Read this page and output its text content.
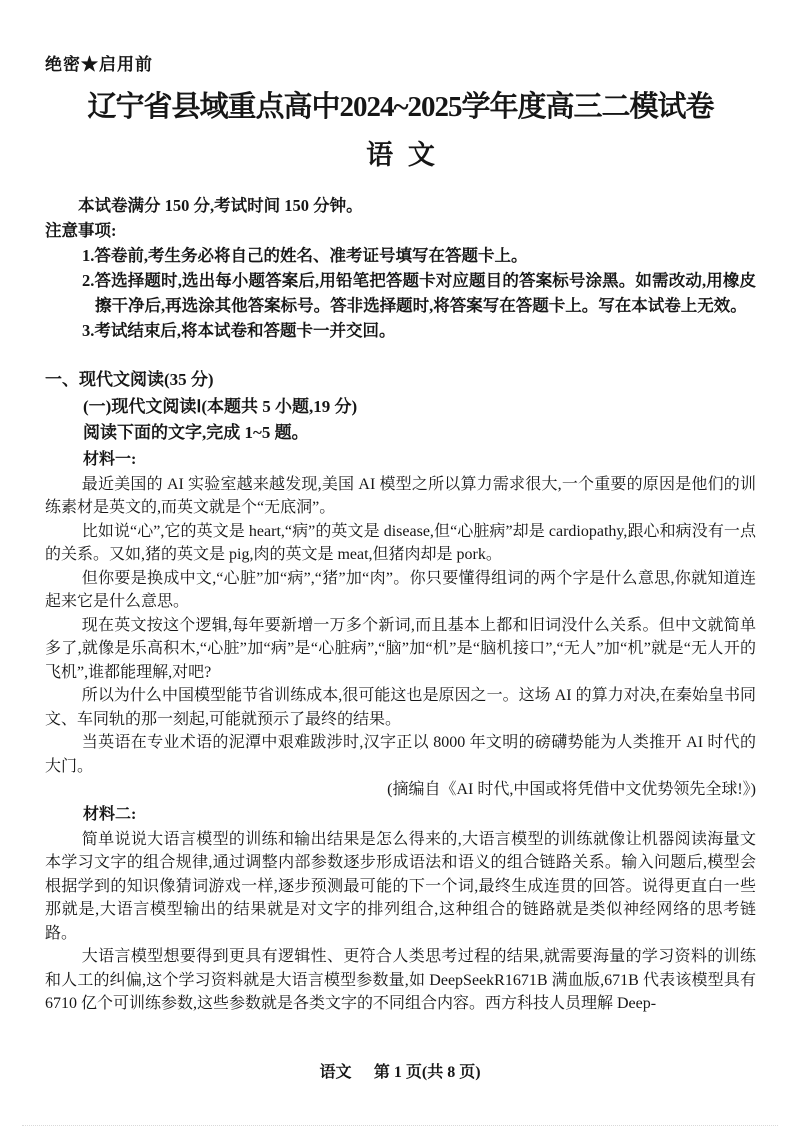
绝密★启用前
辽宁省县域重点高中2024~2025学年度高三二模试卷
语文

本试卷满分 150 分,考试时间 150 分钟。

注意事项:
1.答卷前,考生务必将自己的姓名、准考证号填写在答题卡上。
2.答选择题时,选出每小题答案后,用铅笔把答题卡对应题目的答案标号涂黑。如需改动,用橡皮擦干净后,再选涂其他答案标号。答非选择题时,将答案写在答题卡上。写在本试卷上无效。
3.考试结束后,将本试卷和答题卡一并交回。
一、现代文阅读(35 分)
(一)现代文阅读Ⅰ(本题共 5 小题,19 分)
阅读下面的文字,完成 1~5 题。
材料一:

最近美国的 AI 实验室越来越发现,美国 AI 模型之所以算力需求很大,一个重要的原因是他们的训练素材是英文的,而英文就是个“无底洞”。

比如说“心”,它的英文是 heart,“病”的英文是 disease,但“心脏病”却是 cardiopathy,跟心和病没有一点的关系。又如,猪的英文是 pig,肉的英文是 meat,但猪肉却是 pork。

但你要是换成中文,“心脏”加“病”,“猪”加“肉”。你只要懂得组词的两个字是什么意思,你就知道连起来它是什么意思。

现在英文按这个逻辑,每年要新增一万多个新词,而且基本上都和旧词没什么关系。但中文就简单多了,就像是乐高积木,“心脏”加“病”是“心脏病”,“脑”加“机”是“脑机接口”,“无人”加“机”就是“无人开的飞机”,谁都能理解,对吧?

所以为什么中国模型能节省训练成本,很可能这也是原因之一。这场 AI 的算力对决,在秦始皇书同文、车同轨的那一刻起,可能就预示了最终的结果。

当英语在专业术语的泥潭中艰难跋涉时,汉字正以 8000 年文明的磅礴势能为人类推开 AI 时代的大门。

(摘编自《AI 时代,中国或将凭借中文优势领先全球!》)

材料二:

简单说说大语言模型的训练和输出结果是怎么得来的,大语言模型的训练就像让机器阅读海量文本学习文字的组合规律,通过调整内部参数逐步形成语法和语义的组合链路关系。输入问题后,模型会根据学到的知识像猜词游戏一样,逐步预测最可能的下一个词,最终生成连贯的回答。说得更直白一些那就是,大语言模型输出的结果就是对文字的排列组合,这种组合的链路就是类似神经网络的思考链路。

大语言模型想要得到更具有逻辑性、更符合人类思考过程的结果,就需要海量的学习资料的训练和人工的纠偏,这个学习资料就是大语言模型参数量,如 DeepSeekR1671B 满血版,671B 代表该模型具有 6710 亿个可训练参数,这些参数就是各类文字的不同组合内容。西方科技人员理解 Deep-

语文 第 1 页(共 8 页)
